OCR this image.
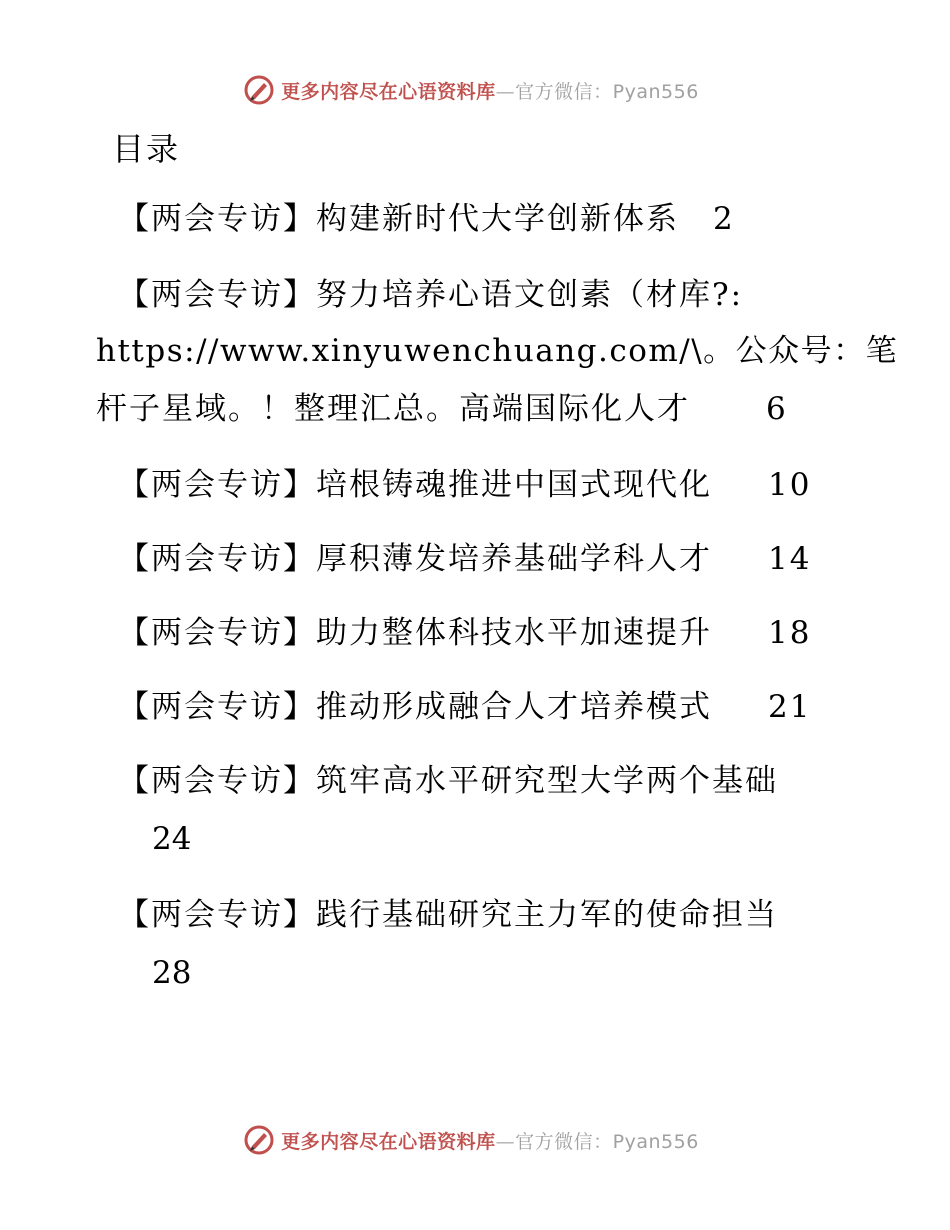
更多内容尽在心语资料库—官方微信：Pyan556
目录
【两会专访】构建新时代大学创新体系 2
【两会专访】努力培养心语文创素（材库?:
https://www.xinyuwenchuang.com/\。公众号：笔
杆子星域。！整理汇总。高端国际化人才 6
【两会专访】培根铸魂推进中国式现代化 10
【两会专访】厚积薄发培养基础学科人才 14
【两会专访】助力整体科技水平加速提升 18
【两会专访】推动形成融合人才培养模式 21
【两会专访】筑牢高水平研究型大学两个基础
24
【两会专访】践行基础研究主力军的使命担当
28
更多内容尽在心语资料库—官方微信：Pyan556
